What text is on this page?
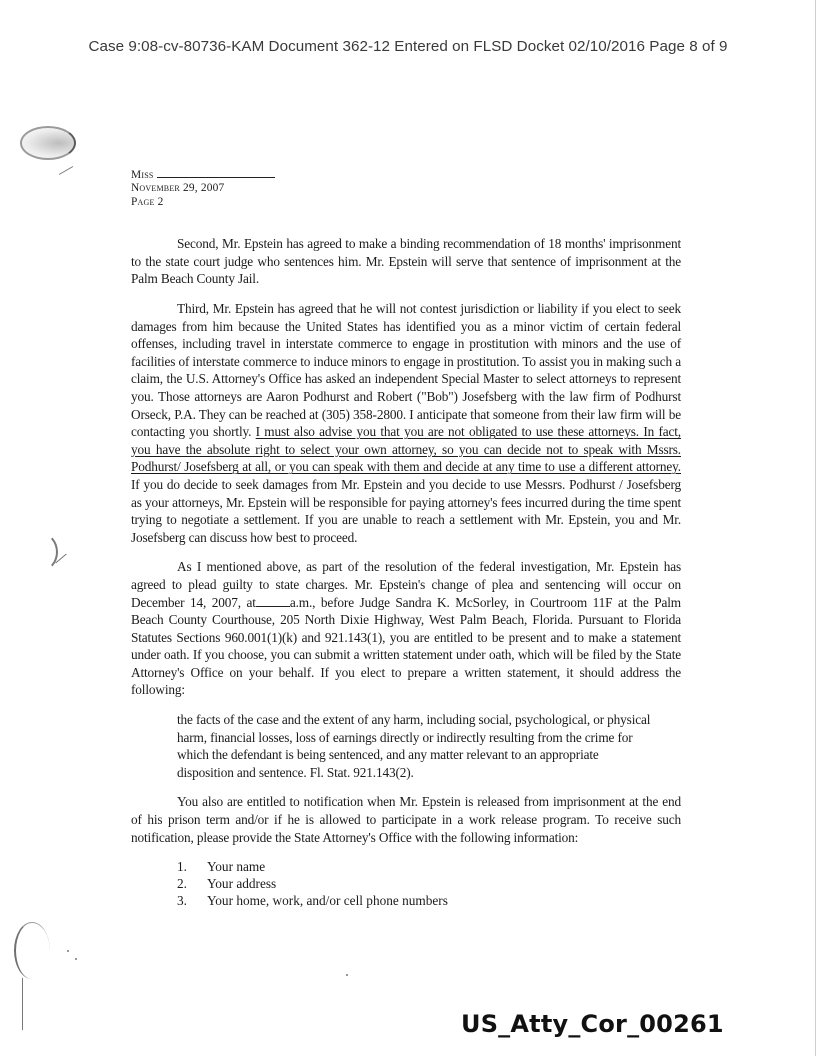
Case 9:08-cv-80736-KAM Document 362-12 Entered on FLSD Docket 02/10/2016 Page 8 of 9
Miss
November 29, 2007
Page 2

Second, Mr. Epstein has agreed to make a binding recommendation of 18 months' imprisonment to the state court judge who sentences him. Mr. Epstein will serve that sentence of imprisonment at the Palm Beach County Jail.

Third, Mr. Epstein has agreed that he will not contest jurisdiction or liability if you elect to seek damages from him because the United States has identified you as a minor victim of certain federal offenses, including travel in interstate commerce to engage in prostitution with minors and the use of facilities of interstate commerce to induce minors to engage in prostitution. To assist you in making such a claim, the U.S. Attorney's Office has asked an independent Special Master to select attorneys to represent you. Those attorneys are Aaron Podhurst and Robert ("Bob") Josefsberg with the law firm of Podhurst Orseck, P.A. They can be reached at (305) 358-2800. I anticipate that someone from their law firm will be contacting you shortly. I must also advise you that you are not obligated to use these attorneys. In fact, you have the absolute right to select your own attorney, so you can decide not to speak with Mssrs. Podhurst/ Josefsberg at all, or you can speak with them and decide at any time to use a different attorney. If you do decide to seek damages from Mr. Epstein and you decide to use Messrs. Podhurst / Josefsberg as your attorneys, Mr. Epstein will be responsible for paying attorney's fees incurred during the time spent trying to negotiate a settlement. If you are unable to reach a settlement with Mr. Epstein, you and Mr. Josefsberg can discuss how best to proceed.

As I mentioned above, as part of the resolution of the federal investigation, Mr. Epstein has agreed to plead guilty to state charges. Mr. Epstein's change of plea and sentencing will occur on December 14, 2007, at	a.m., before Judge Sandra K. McSorley, in Courtroom 11F at the Palm Beach County Courthouse, 205 North Dixie Highway, West Palm Beach, Florida. Pursuant to Florida Statutes Sections 960.001(1)(k) and 921.143(1), you are entitled to be present and to make a statement under oath. If you choose, you can submit a written statement under oath, which will be filed by the State Attorney's Office on your behalf. If you elect to prepare a written statement, it should address the following:

the facts of the case and the extent of any harm, including social, psychological, or physical harm, financial losses, loss of earnings directly or indirectly resulting from the crime for which the defendant is being sentenced, and any matter relevant to an appropriate disposition and sentence. Fl. Stat. 921.143(2).

You also are entitled to notification when Mr. Epstein is released from imprisonment at the end of his prison term and/or if he is allowed to participate in a work release program. To receive such notification, please provide the State Attorney's Office with the following information:

1.	Your name
2.	Your address
3.	Your home, work, and/or cell phone numbers
US_Atty_Cor_00261
